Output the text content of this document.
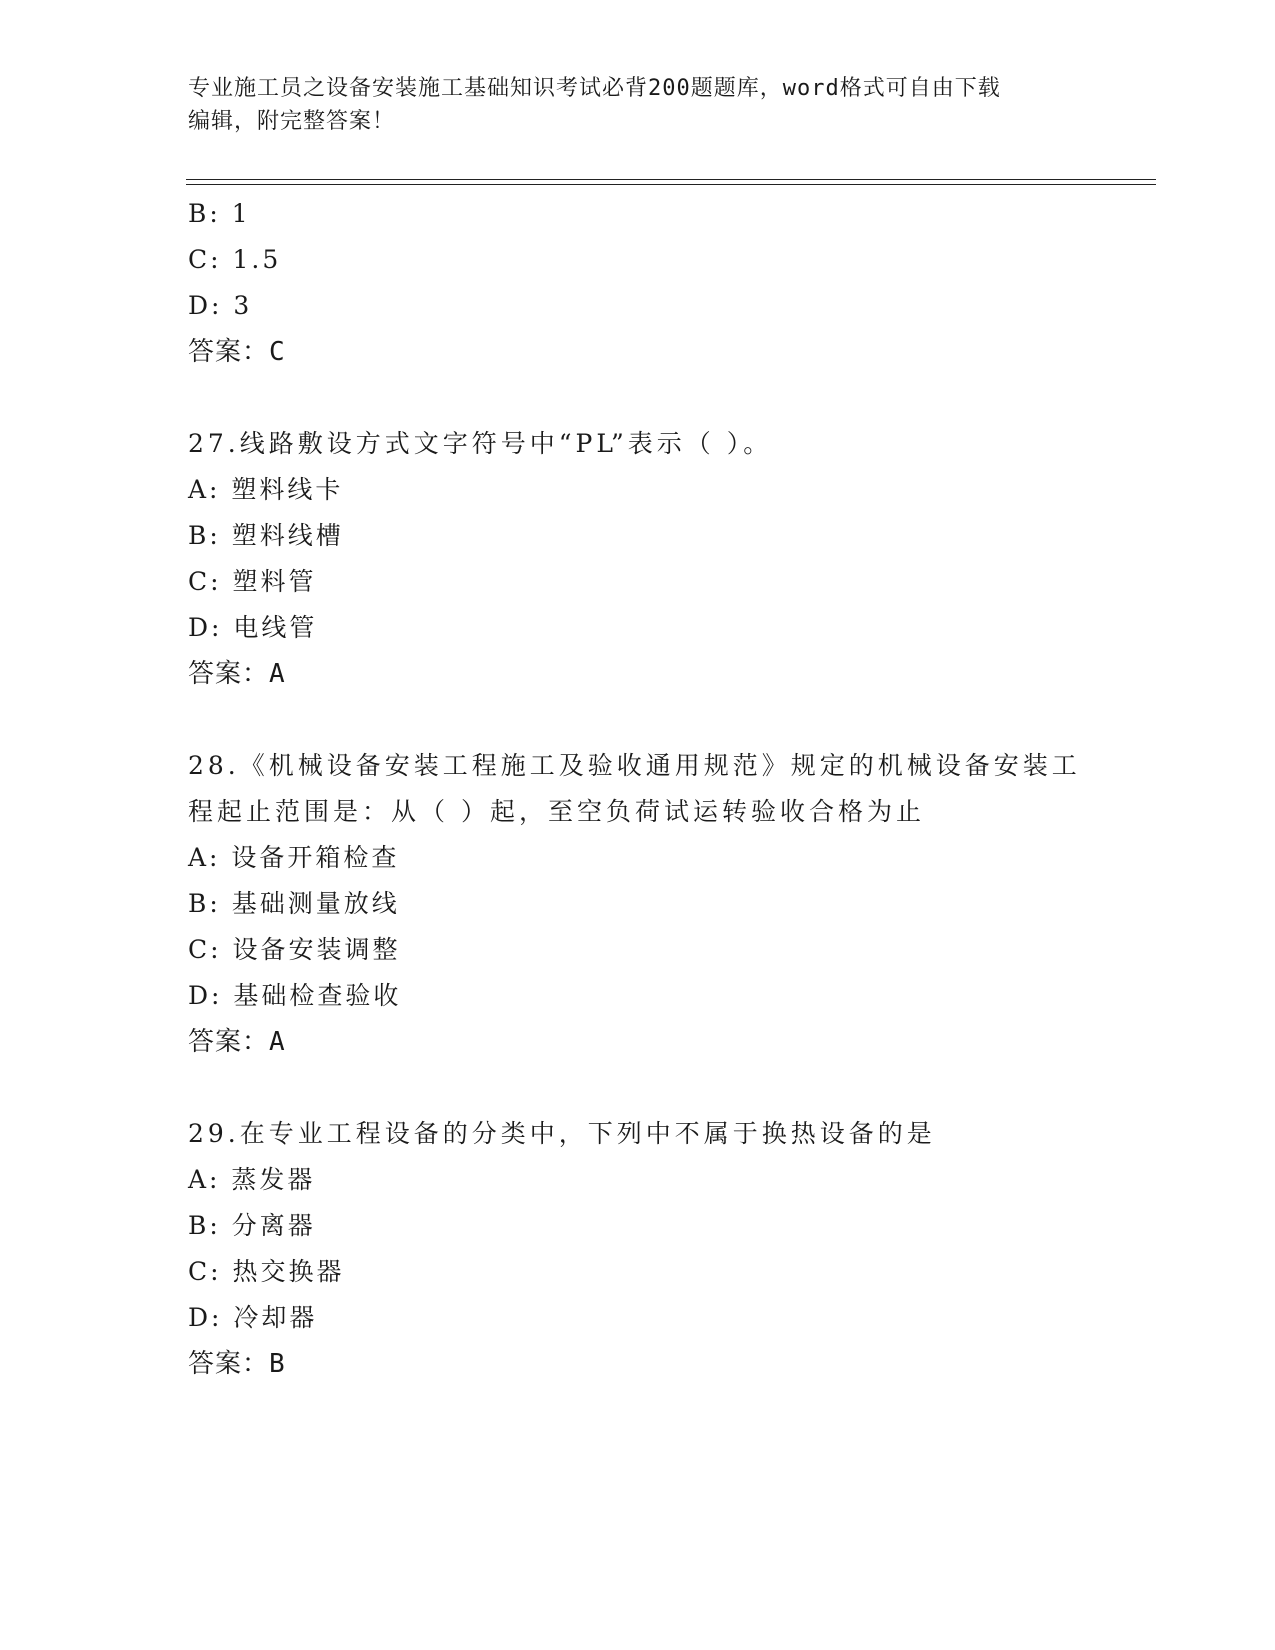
专业施工员之设备安装施工基础知识考试必背200题题库，word格式可自由下载
编辑，附完整答案！
B: 1
C: 1.5
D: 3
答案：C
27.线路敷设方式文字符号中“PL”表示（ ）。
A: 塑料线卡
B: 塑料线槽
C: 塑料管
D: 电线管
答案：A
28.《机械设备安装工程施工及验收通用规范》规定的机械设备安装工
程起止范围是：从（ ）起，至空负荷试运转验收合格为止
A: 设备开箱检查
B: 基础测量放线
C: 设备安装调整
D: 基础检查验收
答案：A
29.在专业工程设备的分类中，下列中不属于换热设备的是
A: 蒸发器
B: 分离器
C: 热交换器
D: 冷却器
答案：B
